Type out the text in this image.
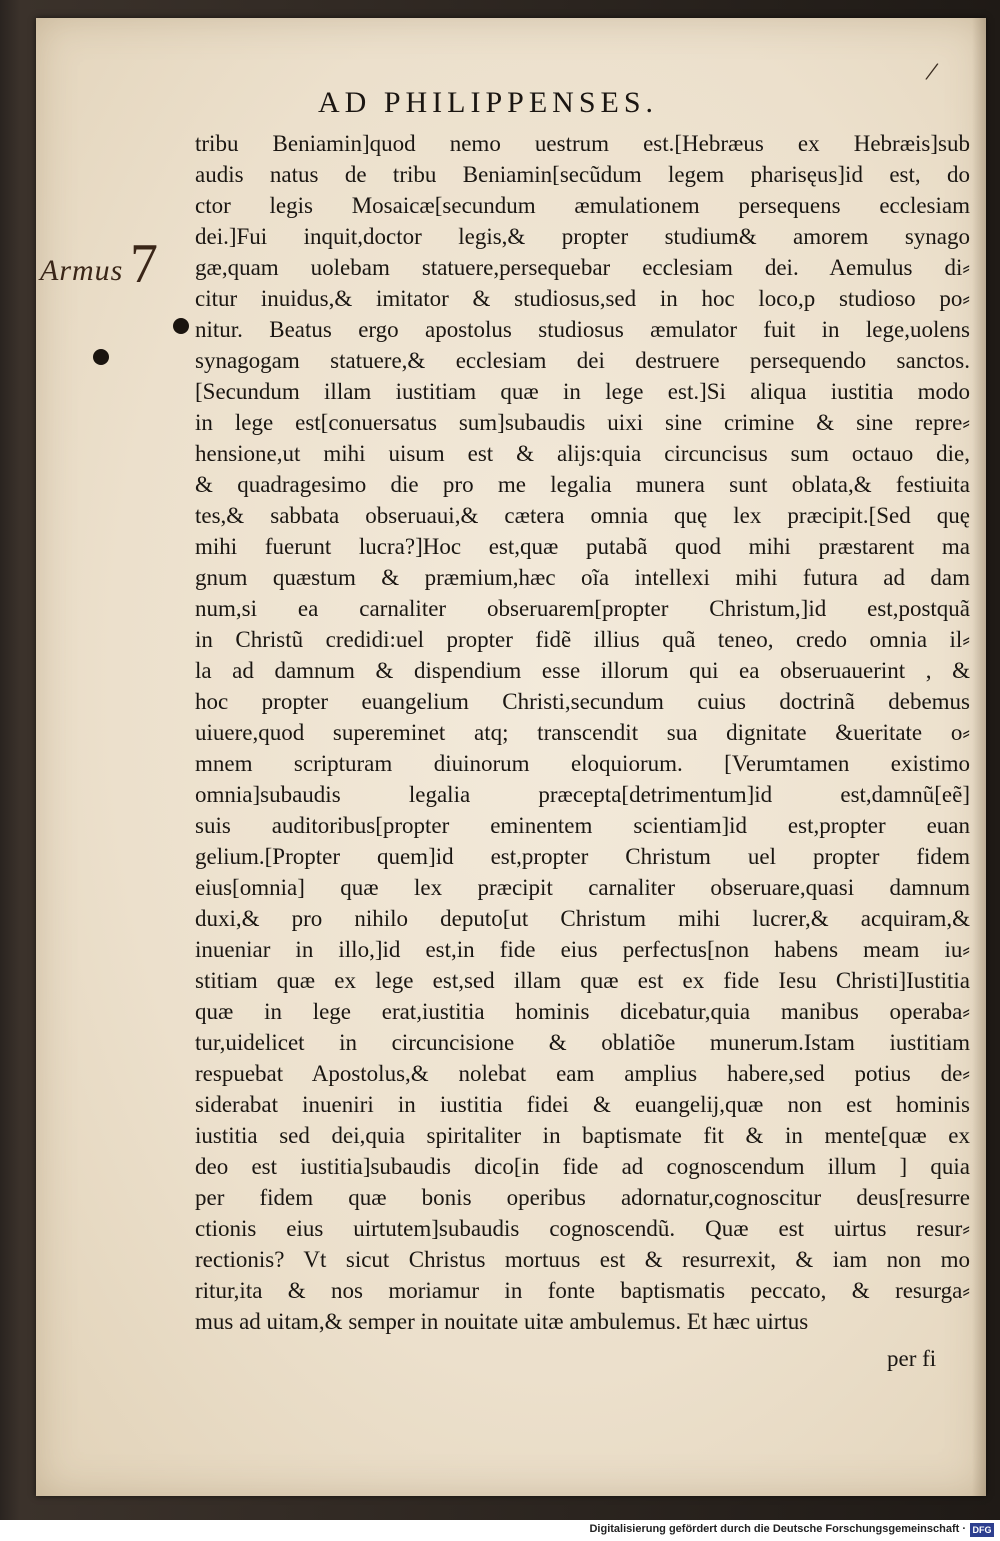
AD PHILIPPENSES.
/
7
Armus
tribu Beniamin]quod nemo uestrum est.[Hebræus ex Hebræis]sub
audis natus de tribu Beniamin[secũdum legem pharisęus]id est, do
ctor legis Mosaicæ[secundum æmulationem persequens ecclesiam
dei.]Fui inquit,doctor legis,& propter studium& amorem synago
gæ,quam uolebam statuere,persequebar ecclesiam dei. Aemulus di⸗
citur inuidus,& imitator & studiosus,sed in hoc loco,p studioso po⸗
nitur. Beatus ergo apostolus studiosus æmulator fuit in lege,uolens
synagogam statuere,& ecclesiam dei destruere persequendo sanctos.
[Secundum illam iustitiam quæ in lege est.]Si aliqua iustitia modo
in lege est[conuersatus sum]subaudis uixi sine crimine & sine repre⸗
hensione,ut mihi uisum est & alijs:quia circuncisus sum octauo die,
& quadragesimo die pro me legalia munera sunt oblata,& festiuita
tes,& sabbata obseruaui,& cætera omnia quę lex præcipit.[Sed quę
mihi fuerunt lucra?]Hoc est,quæ putabã quod mihi præstarent ma
gnum quæstum & præmium,hæc oĩa intellexi mihi futura ad dam
num,si ea carnaliter obseruarem[propter Christum,]id est,postquã
in Christũ credidi:uel propter fidẽ illius quã teneo, credo omnia il⸗
la ad damnum & dispendium esse illorum qui ea obseruauerint , &
hoc propter euangelium Christi,secundum cuius doctrinã debemus
uiuere,quod supereminet atq; transcendit sua dignitate &ueritate o⸗
mnem scripturam diuinorum eloquiorum. [Verumtamen existimo
omnia]subaudis legalia præcepta[detrimentum]id est,damnũ[eẽ]
suis auditoribus[propter eminentem scientiam]id est,propter euan
gelium.[Propter quem]id est,propter Christum uel propter fidem
eius[omnia] quæ lex præcipit carnaliter obseruare,quasi damnum
duxi,& pro nihilo deputo[ut Christum mihi lucrer,& acquiram,&
inueniar in illo,]id est,in fide eius perfectus[non habens meam iu⸗
stitiam quæ ex lege est,sed illam quæ est ex fide Iesu Christi]Iustitia
quæ in lege erat,iustitia hominis dicebatur,quia manibus operaba⸗
tur,uidelicet in circuncisione & oblatiõe munerum.Istam iustitiam
respuebat Apostolus,& nolebat eam amplius habere,sed potius de⸗
siderabat inueniri in iustitia fidei & euangelij,quæ non est hominis
iustitia sed dei,quia spiritaliter in baptismate fit & in mente[quæ ex
deo est iustitia]subaudis dico[in fide ad cognoscendum illum ] quia
per fidem quæ bonis operibus adornatur,cognoscitur deus[resurre
ctionis eius uirtutem]subaudis cognoscendũ. Quæ est uirtus resur⸗
rectionis? Vt sicut Christus mortuus est & resurrexit, & iam non mo
ritur,ita & nos moriamur in fonte baptismatis peccato, & resurga⸗
mus ad uitam,& semper in nouitate uitæ ambulemus. Et hæc uirtus
per fi
Digitalisierung gefördert durch die Deutsche Forschungsgemeinschaft · DFG
